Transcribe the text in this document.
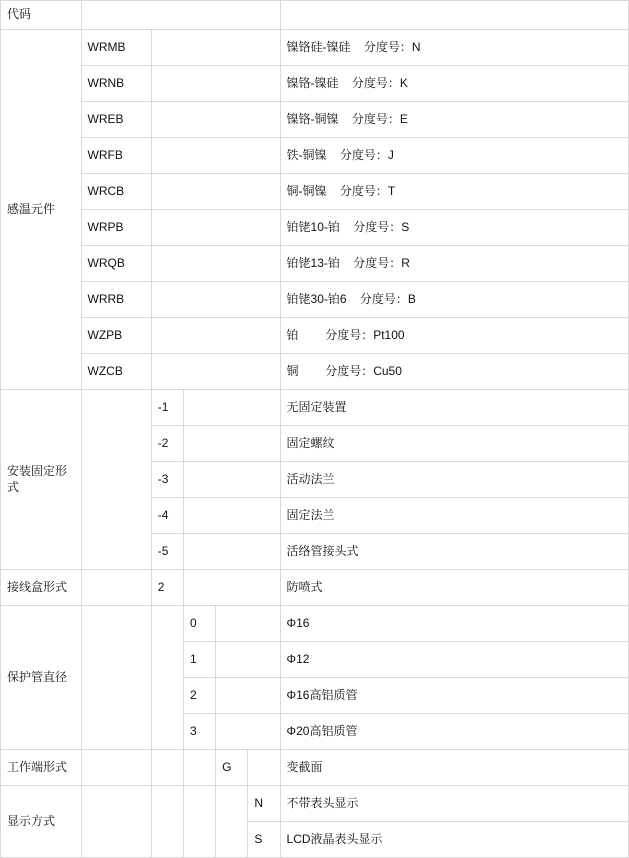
代码						
感温元件	WRMB					镍铬硅-镍硅    分度号：N
	WRNB					镍铬-镍硅    分度号：K
	WREB					镍铬-铜镍    分度号：E
	WRFB					铁-铜镍    分度号：J
	WRCB					铜-铜镍    分度号：T
	WRPB					铂铑10-铂    分度号：S
	WRQB					铂铑13-铂    分度号：R
	WRRB					铂铑30-铂6    分度号：B
	WZPB					铂        分度号：Pt100
	WZCB					铜        分度号：Cu50
安装固定形式		-1				无固定装置
		-2				固定螺纹
		-3				活动法兰
		-4				固定法兰
		-5				活络管接头式
接线盒形式		2				防喷式
保护管直径			0			Φ16
			1			Φ12
			2			Φ16高铝质管
			3			Φ20高铝质管
工作端形式				G		变截面
显示方式					N	不带表头显示
					S	LCD液晶表头显示
